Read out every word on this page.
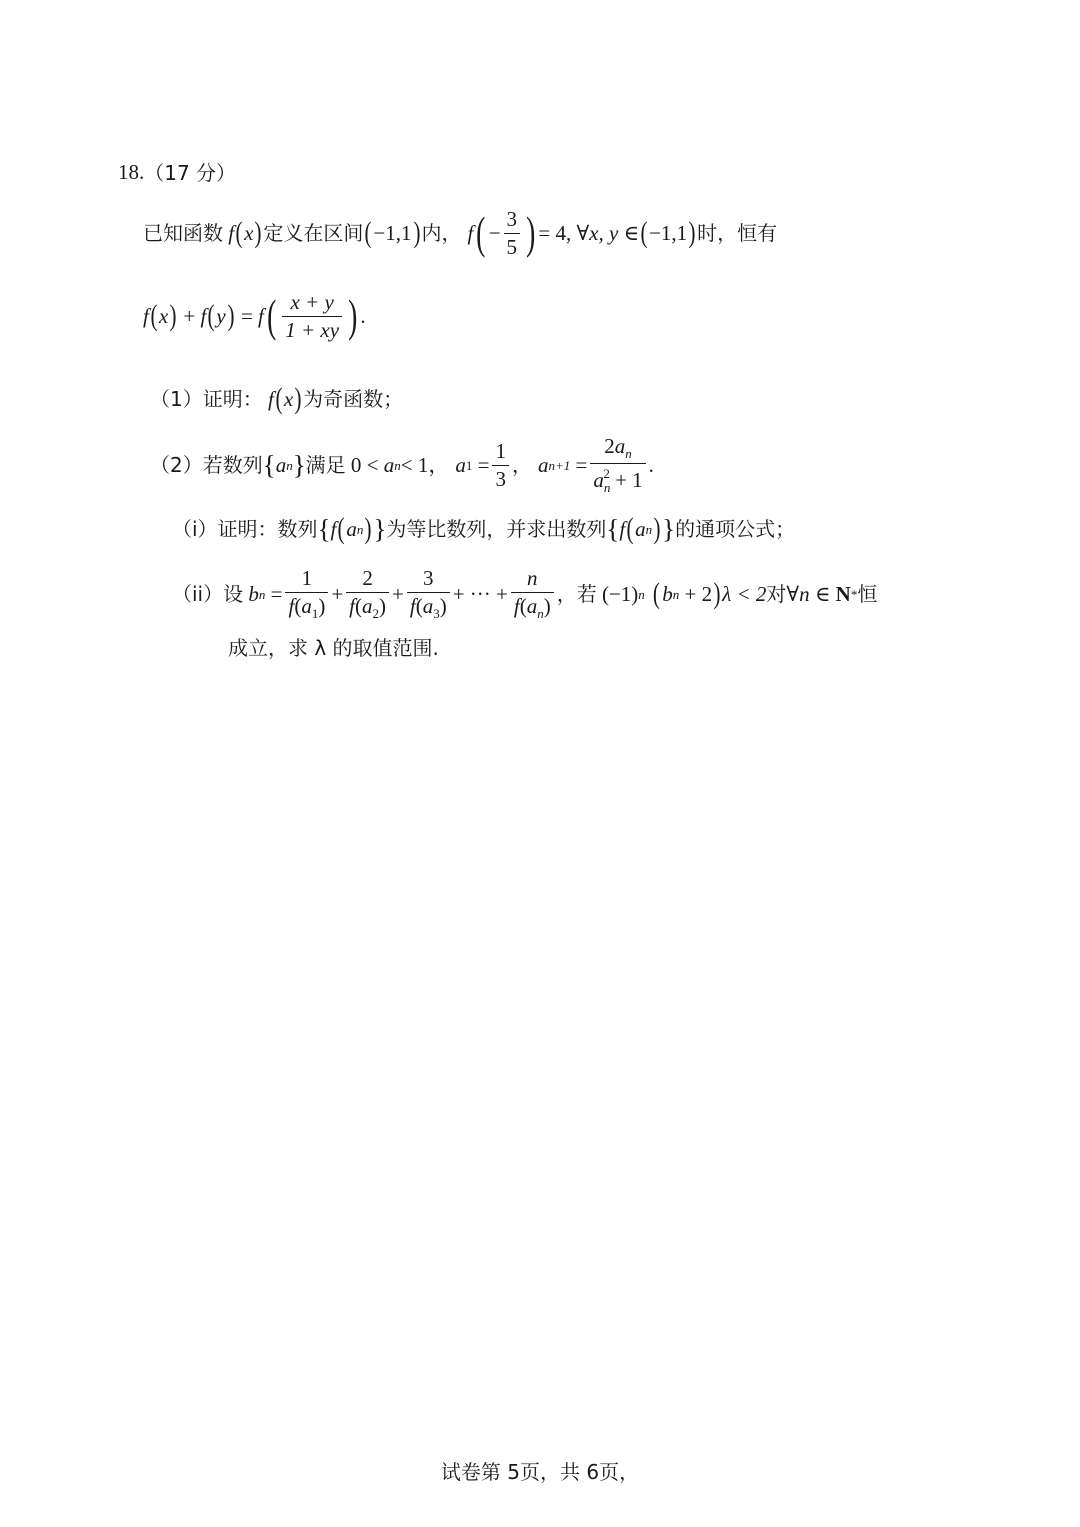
18. （17 分）
已知函数 f ( x ) 定义在区间 ( −1,1 ) 内， f ( − $\frac{3}{5}$ ) = 4, ∀ x, y ∈ ( −1,1 ) 时，恒有
f ( x ) + f ( y ) = f ( $\frac{x + y}{1 + xy}$ ) .
（1） 证明： f ( x ) 为奇函数；
（2） 若数列 { a n } 满足 0 < a n < 1， a $1 = \frac{1}{3}$ ， a $n+1 = \frac{2a_n}{a_n^2 + 1}$ .
（i） 证明：数列 { f ( a n ) } 为等比数列，并求出数列 { f ( a n ) } 的通项公式；
（ii） 设 b $n = \frac{1}{f(a_1)} + \frac{2}{f(a_2)} + \frac{3}{f(a_3)}$ + ··· + $\frac{n}{f(a_n)}$ ，若
(−1) n ( b n
+ 2 ) λ < 2 对 ∀n ∈
N * 恒
成立，求 λ 的取值范围.
试卷第 5页，共 6页，
